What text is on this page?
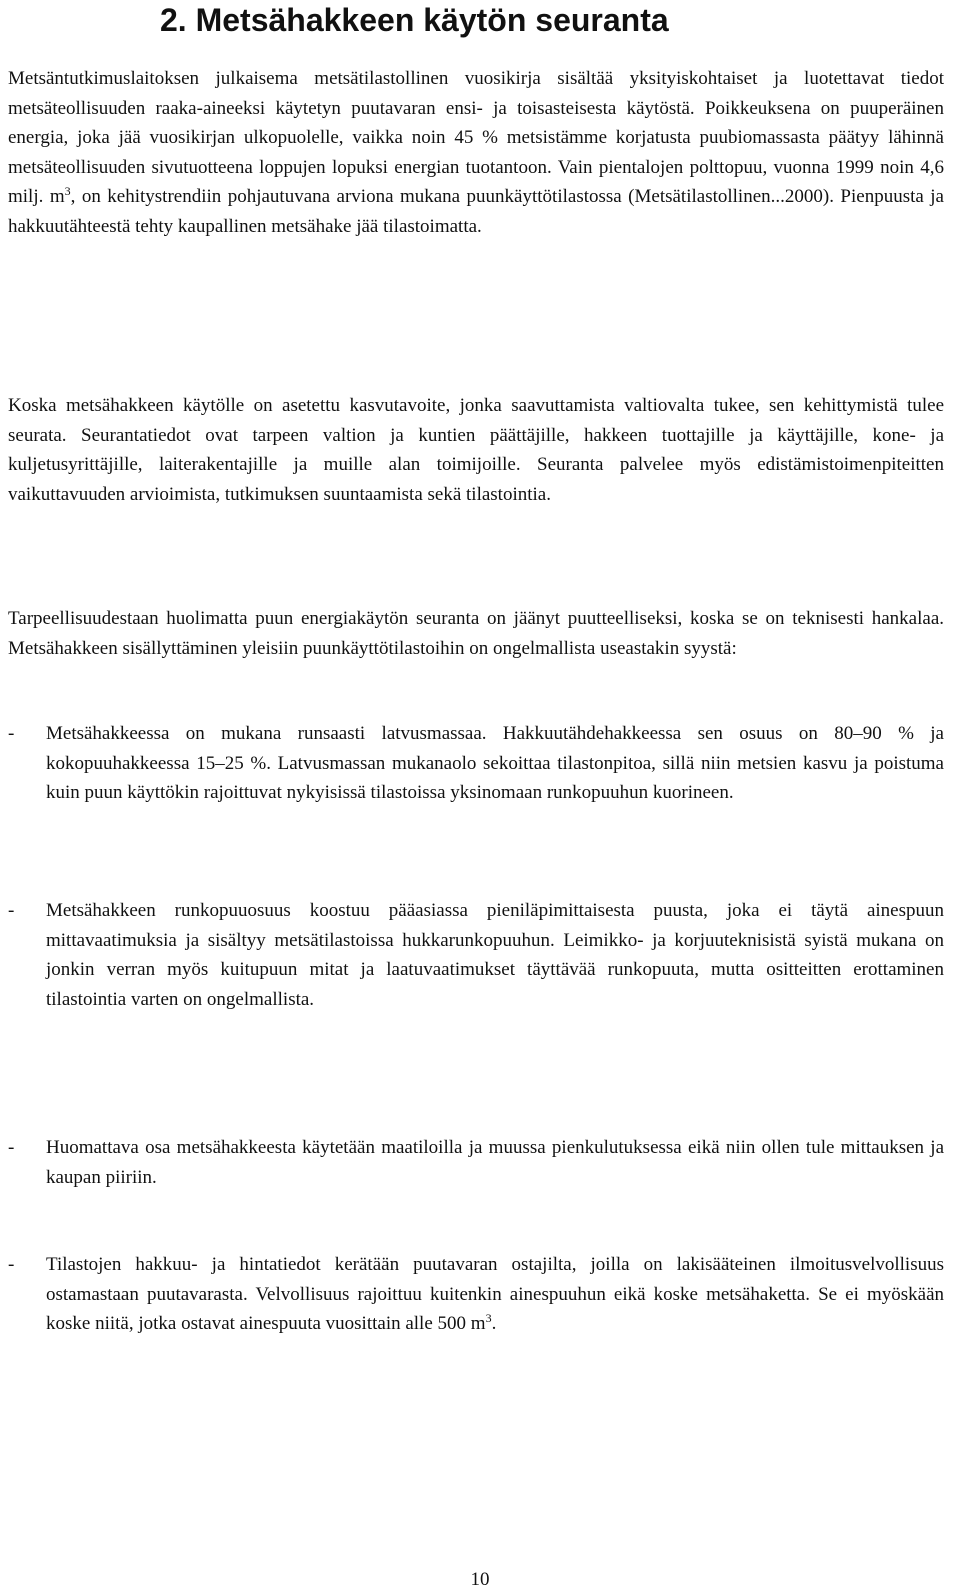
2. Metsähakkeen käytön seuranta

Metsäntutkimuslaitoksen julkaisema metsätilastollinen vuosikirja sisältää yksityiskohtaiset ja luotettavat tiedot metsäteollisuuden raaka-aineeksi käytetyn puutavaran ensi- ja toisasteisesta käytöstä. Poikkeuksena on puuperäinen energia, joka jää vuosikirjan ulkopuolelle, vaikka noin 45 % metsistämme korjatusta puubiomassasta päätyy lähinnä metsäteollisuuden sivutuotteena loppujen lopuksi energian tuotantoon. Vain pientalojen polttopuu, vuonna 1999 noin 4,6 milj. $m^3$, on kehitystrendiin pohjautuvana arviona mukana puunkäyttötilastossa (Metsätilastollinen...2000). Pienpuusta ja hakkuutähteestä tehty kaupallinen metsähake jää tilastoimatta.

Koska metsähakkeen käytölle on asetettu kasvutavoite, jonka saavuttamista valtiovalta tukee, sen kehittymistä tulee seurata. Seurantatiedot ovat tarpeen valtion ja kuntien päättäjille, hakkeen tuottajille ja käyttäjille, kone- ja kuljetusyrittäjille, laiterakentajille ja muille alan toimijoille. Seuranta palvelee myös edistämistoimenpiteitten vaikuttavuuden arvioimista, tutkimuksen suuntaamista sekä tilastointia.

Tarpeellisuudestaan huolimatta puun energiakäytön seuranta on jäänyt puutteelliseksi, koska se on teknisesti hankalaa. Metsähakkeen sisällyttäminen yleisiin puunkäyttötilastoihin on ongelmallista useastakin syystä:

-	Metsähakkeessa on mukana runsaasti latvusmassaa. Hakkuutähdehakkeessa sen osuus on 80–90 % ja kokopuuhakkeessa 15–25 %. Latvusmassan mukanaolo sekoittaa tilastonpitoa, sillä niin metsien kasvu ja poistuma kuin puun käyttökin rajoittuvat nykyisissä tilastoissa yksinomaan runkopuuhun kuorineen.
-	Metsähakkeen runkopuuosuus koostuu pääasiassa pieniläpimittaisesta puusta, joka ei täytä ainespuun mittavaatimuksia ja sisältyy metsätilastoissa hukkarunkopuuhun. Leimikko- ja korjuuteknisistä syistä mukana on jonkin verran myös kuitupuun mitat ja laatuvaatimukset täyttävää runkopuuta, mutta ositteitten erottaminen tilastointia varten on ongelmallista.
-	Huomattava osa metsähakkeesta käytetään maatiloilla ja muussa pienkulutuksessa eikä niin ollen tule mittauksen ja kaupan piiriin.
-	Tilastojen hakkuu- ja hintatiedot kerätään puutavaran ostajilta, joilla on lakisääteinen ilmoitusvelvollisuus ostamastaan puutavarasta. Velvollisuus rajoittuu kuitenkin ainespuuhun eikä koske metsähaketta. Se ei myöskään koske niitä, jotka ostavat ainespuuta vuosittain alle 500 $m^3$.

10
